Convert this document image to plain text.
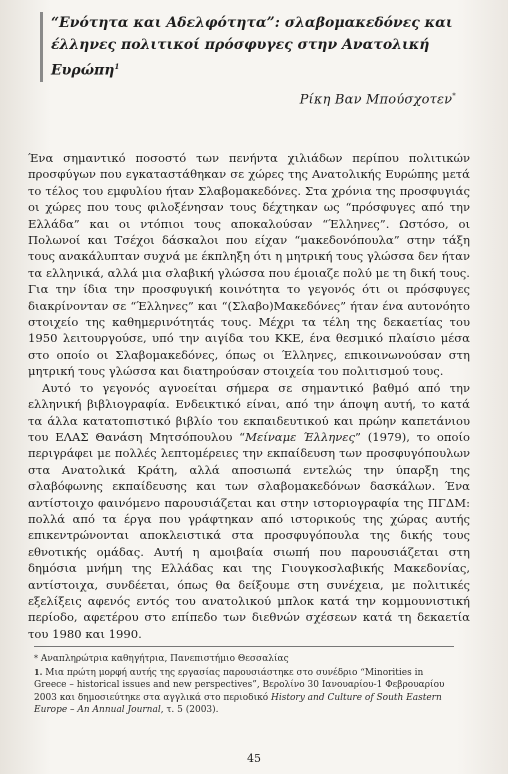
“Ενότητα και Αδελφότητα”: σλαβομακεδόνες και έλληνες πολιτικοί πρόσφυγες στην Ανατολική Ευρώπη$^1$

Ρίκη Βαν Μπούσχοτεν*

Ένα σημαντικό ποσοστό των πενήντα χιλιάδων περίπου πολιτικών προσφύγων που εγκαταστάθηκαν σε χώρες της Ανατολικής Ευρώπης μετά το τέλος του εμφυλίου ήταν Σλαβομακεδόνες. Στα χρόνια της προσφυγιάς οι χώρες που τους φιλοξένησαν τους δέχτηκαν ως “πρόσφυγες από την Ελλάδα” και οι ντόπιοι τους αποκαλούσαν “Έλληνες”. Ωστόσο, οι Πολωνοί και Τσέχοι δάσκαλοι που είχαν “μακεδονόπουλα” στην τάξη τους ανακάλυπταν συχνά με έκπληξη ότι η μητρική τους γλώσσα δεν ήταν τα ελληνικά, αλλά μια σλαβική γλώσσα που έμοιαζε πολύ με τη δική τους. Για την ίδια την προσφυγική κοινότητα το γεγονός ότι οι πρόσφυγες διακρίνονταν σε “Έλληνες” και “(Σλαβο)Μακεδόνες” ήταν ένα αυτονόητο στοιχείο της καθημερινότητάς τους. Μέχρι τα τέλη της δεκαετίας του 1950 λειτουργούσε, υπό την αιγίδα του ΚΚΕ, ένα θεσμικό πλαίσιο μέσα στο οποίο οι Σλαβομακεδόνες, όπως οι Έλληνες, επικοινωνούσαν στη μητρική τους γλώσσα και διατηρούσαν στοιχεία του πολιτισμού τους.

Αυτό το γεγονός αγνοείται σήμερα σε σημαντικό βαθμό από την ελληνική βιβλιογραφία. Ενδεικτικό είναι, από την άποψη αυτή, το κατά τα άλλα κατατοπιστικό βιβλίο του εκπαιδευτικού και πρώην καπετάνιου του ΕΛΑΣ Θανάση Μητσόπουλου “Μείναμε Έλληνες” (1979), το οποίο περιγράφει με πολλές λεπτομέρειες την εκπαίδευση των προσφυγόπουλων στα Ανατολικά Κράτη, αλλά αποσιωπά εντελώς την ύπαρξη της σλαβόφωνης εκπαίδευσης και των σλαβομακεδόνων δασκάλων. Ένα αντίστοιχο φαινόμενο παρουσιάζεται και στην ιστοριογραφία της ΠΓΔΜ: πολλά από τα έργα που γράφτηκαν από ιστορικούς της χώρας αυτής επικεντρώνονται αποκλειστικά στα προσφυγόπουλα της δικής τους εθνοτικής ομάδας. Αυτή η αμοιβαία σιωπή που παρουσιάζεται στη δημόσια μνήμη της Ελλάδας και της Γιουγκοσλαβικής Μακεδονίας, αντίστοιχα, συνδέεται, όπως θα δείξουμε στη συνέχεια, με πολιτικές εξελίξεις αφενός εντός του ανατολικού μπλοκ κατά την κομμουνιστική περίοδο, αφετέρου στο επίπεδο των διεθνών σχέσεων κατά τη δεκαετία του 1980 και 1990.

* Αναπληρώτρια καθηγήτρια, Πανεπιστήμιο Θεσσαλίας

1. Μια πρώτη μορφή αυτής της εργασίας παρουσιάστηκε στο συνέδριο “Minorities in Greece – historical issues and new perspectives”, Βερολίνο 30 Ιανουαρίου-1 Φεβρουαρίου 2003 και δημοσιεύτηκε στα αγγλικά στο περιοδικό History and Culture of South Eastern Europe – An Annual Journal, τ. 5 (2003).

45
